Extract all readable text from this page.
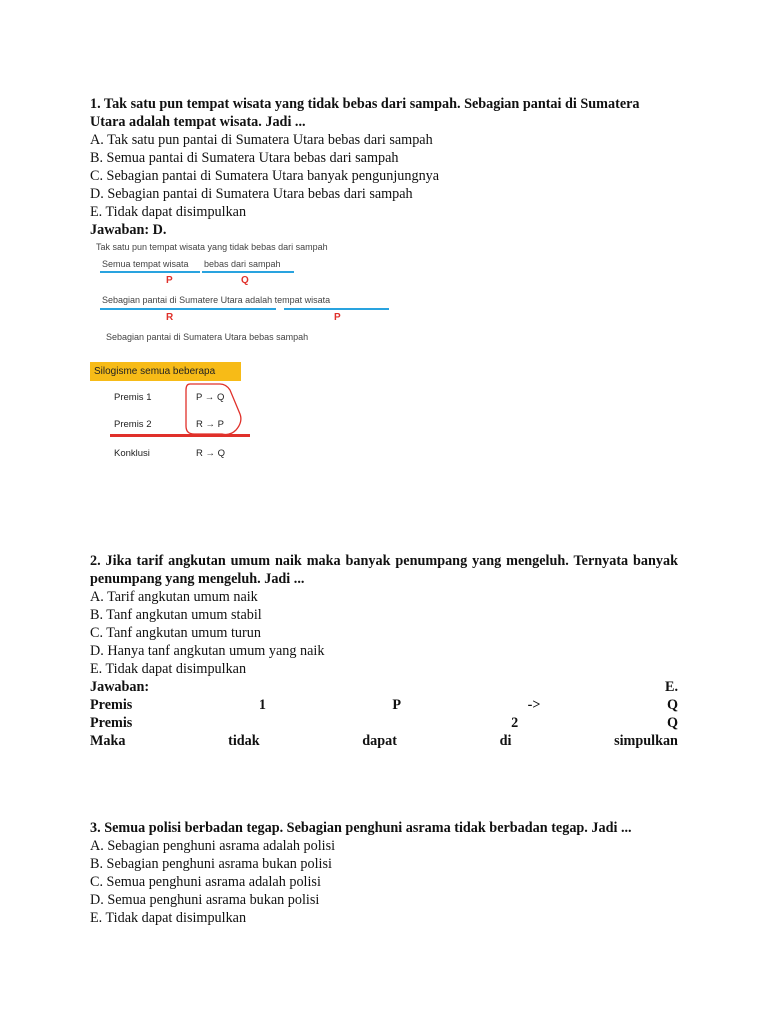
1. Tak satu pun tempat wisata yang tidak bebas dari sampah. Sebagian pantai di Sumatera Utara adalah tempat wisata. Jadi ...

A. Tak satu pun pantai di Sumatera Utara bebas dari sampah

B. Semua pantai di Sumatera Utara bebas dari sampah

C. Sebagian pantai di Sumatera Utara banyak pengunjungnya

D. Sebagian pantai di Sumatera Utara bebas dari sampah

E. Tidak dapat disimpulkan

Jawaban: D.
Tak satu pun tempat wisata yang tidak bebas dari sampah
Semua tempat wisata bebas dari sampah
P	Q
Sebagian pantai di Sumatere Utara adalah tempat wisata
R	P
Sebagian pantai di Sumatera Utara bebas sampah
Silogisme semua beberapa
Premis 1	P → Q
Premis 2	R → P
Konklusi	R → Q
2. Jika tarif angkutan umum naik maka banyak penumpang yang mengeluh. Ternyata banyak penumpang yang mengeluh. Jadi ...

A. Tarif angkutan umum naik

B. Tanf angkutan umum stabil

C. Tanf angkutan umum turun

D. Hanya tanf angkutan umum yang naik

E. Tidak dapat disimpulkan

Jawaban:	E.
Premis	1	P	->	Q
Premis	2	Q
Maka	tidak	dapat	di	simpulkan
3. Semua polisi berbadan tegap. Sebagian penghuni asrama tidak berbadan tegap. Jadi ...

A. Sebagian penghuni asrama adalah polisi

B. Sebagian penghuni asrama bukan polisi

C. Semua penghuni asrama adalah polisi

D. Semua penghuni asrama bukan polisi

E. Tidak dapat disimpulkan
